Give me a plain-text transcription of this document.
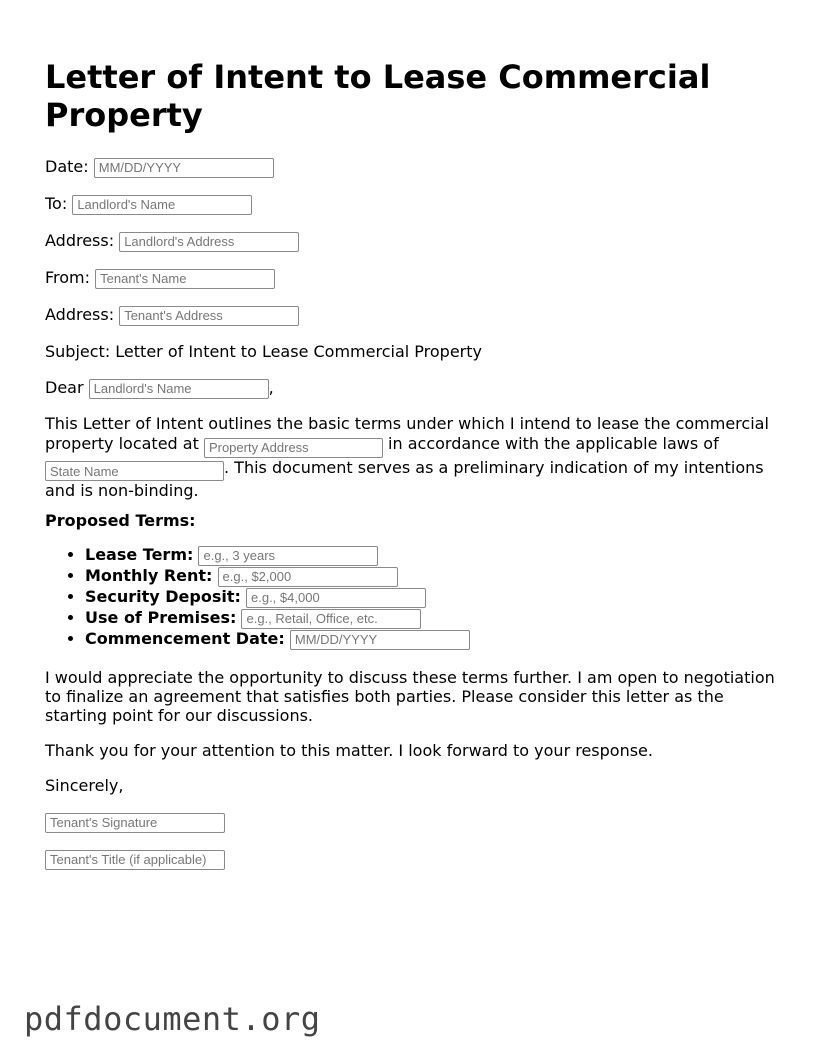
Letter of Intent to Lease Commercial Property
Date: MM/DD/YYYY
To: Landlord's Name
Address: Landlord's Address
From: Tenant's Name
Address: Tenant's Address
Subject: Letter of Intent to Lease Commercial Property
Dear Landlord's Name	,
This Letter of Intent outlines the basic terms under which I intend to lease the commercial property located at Property Address	in accordance with the applicable laws of State Name. This document serves as a preliminary indication of my intentions and is non-binding.
Proposed Terms:
• Lease Term: e.g., 3 years
• Monthly Rent: e.g., $2,000
• Security Deposit: e.g., $4,000
• Use of Premises: e.g., Retail, Office, etc.
• Commencement Date: MM/DD/YYYY
I would appreciate the opportunity to discuss these terms further. I am open to negotiation to finalize an agreement that satisfies both parties. Please consider this letter as the starting point for our discussions.
Thank you for your attention to this matter. I look forward to your response.
Sincerely,
Tenant's Signature
Tenant's Title (if applicable)
pdfdocument.org
